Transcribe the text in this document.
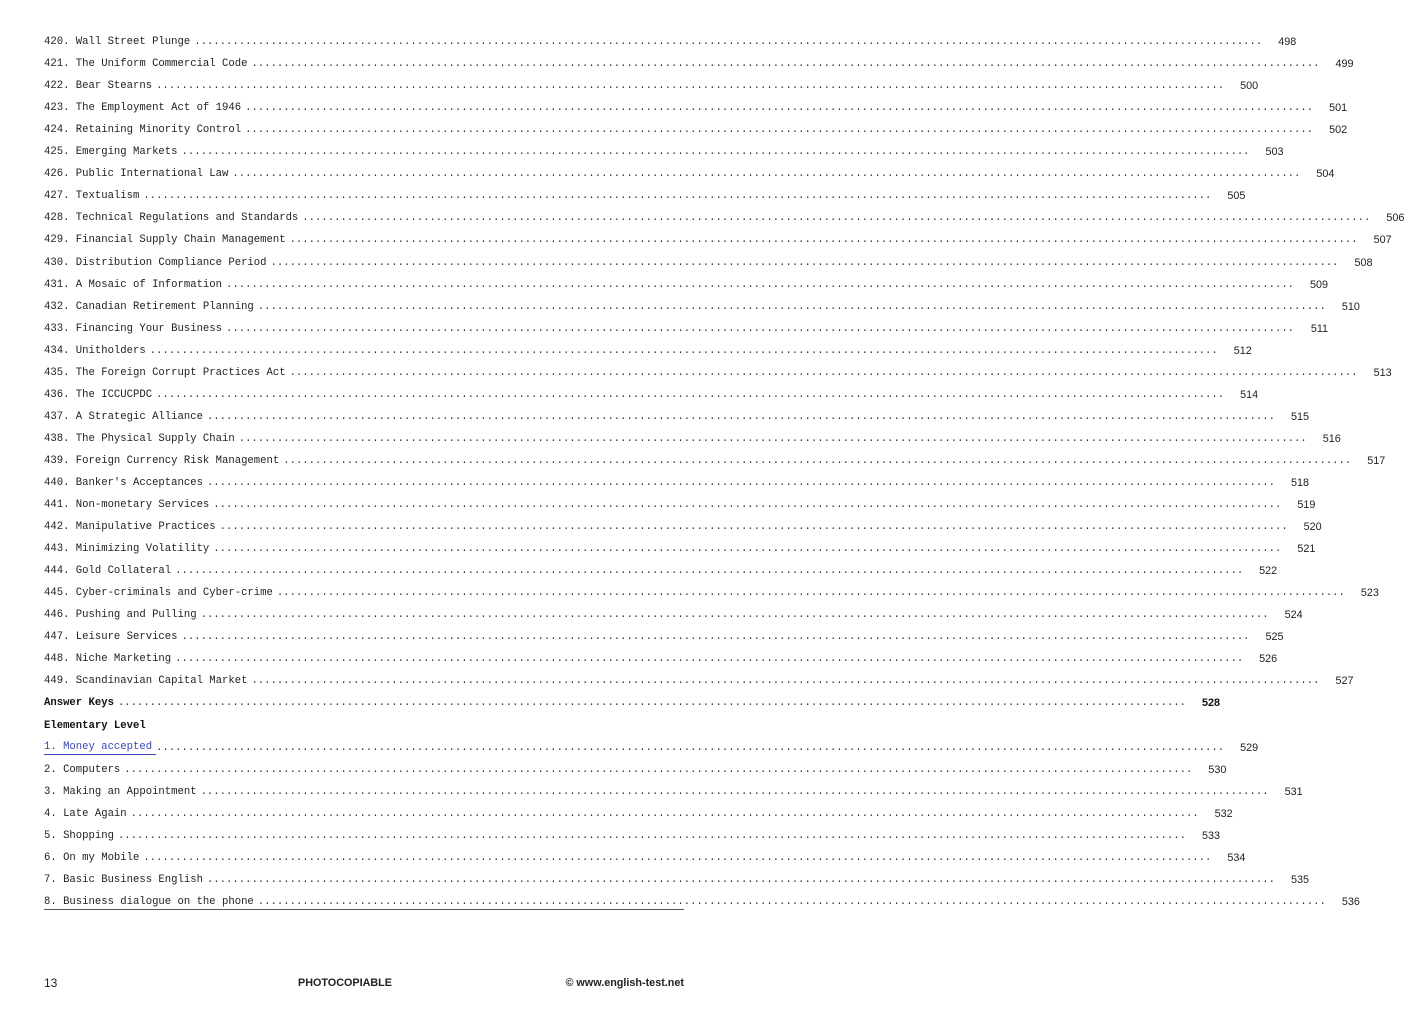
420. Wall Street Plunge ........................................................................................................................................................................	498
421. The Uniform Commercial Code ........................................................................................................................................................................	499
422. Bear Stearns ........................................................................................................................................................................	500
423. The Employment Act of 1946 ........................................................................................................................................................................	501
424. Retaining Minority Control ........................................................................................................................................................................	502
425. Emerging Markets ........................................................................................................................................................................	503
426. Public International Law ........................................................................................................................................................................	504
427. Textualism ........................................................................................................................................................................	505
428. Technical Regulations and Standards ........................................................................................................................................................................	506
429. Financial Supply Chain Management ........................................................................................................................................................................	507
430. Distribution Compliance Period ........................................................................................................................................................................	508
431. A Mosaic of Information ........................................................................................................................................................................	509
432. Canadian Retirement Planning ........................................................................................................................................................................	510
433. Financing Your Business ........................................................................................................................................................................	511
434. Unitholders ........................................................................................................................................................................	512
435. The Foreign Corrupt Practices Act ........................................................................................................................................................................	513
436. The ICCUCPDC ........................................................................................................................................................................	514
437. A Strategic Alliance ........................................................................................................................................................................	515
438. The Physical Supply Chain ........................................................................................................................................................................	516
439. Foreign Currency Risk Management ........................................................................................................................................................................	517
440. Banker's Acceptances ........................................................................................................................................................................	518
441. Non-monetary Services ........................................................................................................................................................................	519
442. Manipulative Practices ........................................................................................................................................................................	520
443. Minimizing Volatility ........................................................................................................................................................................	521
444. Gold Collateral ........................................................................................................................................................................	522
445. Cyber-criminals and Cyber-crime ........................................................................................................................................................................	523
446. Pushing and Pulling ........................................................................................................................................................................	524
447. Leisure Services ........................................................................................................................................................................	525
448. Niche Marketing ........................................................................................................................................................................	526
449. Scandinavian Capital Market ........................................................................................................................................................................	527
Answer Keys ........................................................................................................................................................................	528
Elementary Level
1. Money accepted ........................................................................................................................................................................	529
2. Computers ........................................................................................................................................................................	530
3. Making an Appointment ........................................................................................................................................................................	531
4. Late Again ........................................................................................................................................................................	532
5. Shopping ........................................................................................................................................................................	533
6. On my Mobile ........................................................................................................................................................................	534
7. Basic Business English ........................................................................................................................................................................	535
8. Business dialogue on the phone ........................................................................................................................................................................	536
13	PHOTOCOPIABLE	© www.english-test.net
